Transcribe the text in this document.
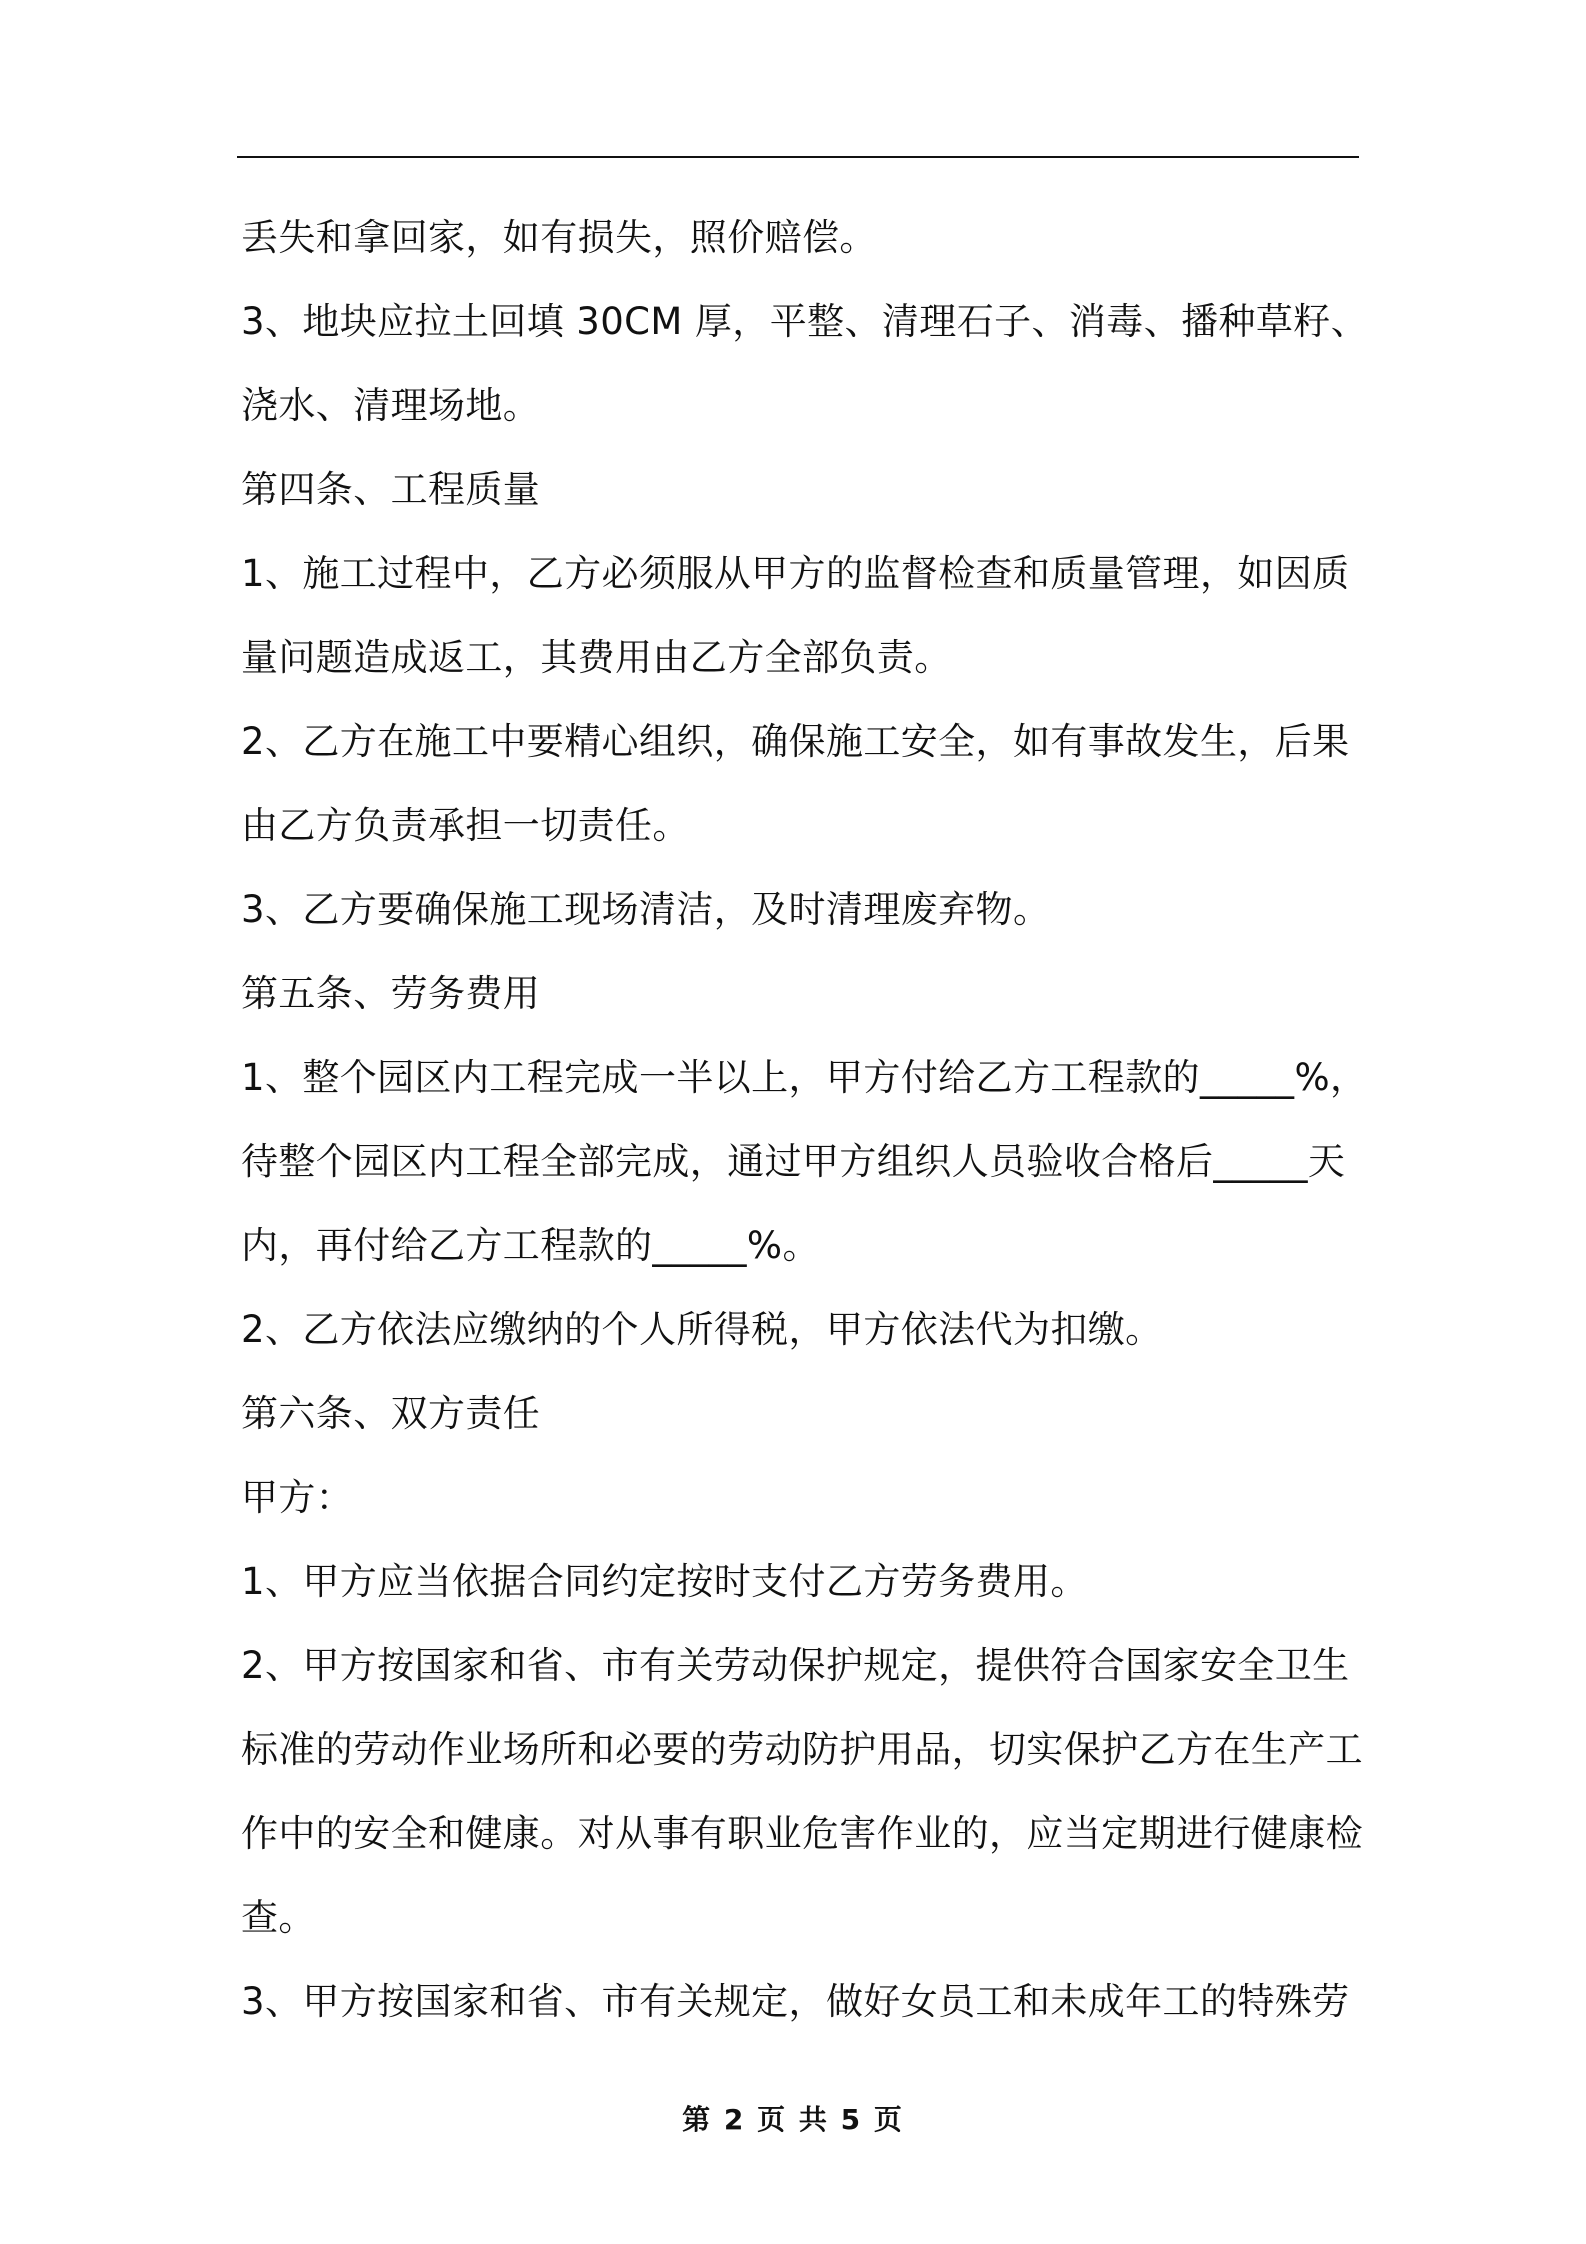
丢失和拿回家，如有损失，照价赔偿。
3、地块应拉土回填 30CM 厚，平整、清理石子、消毒、播种草籽、
浇水、清理场地。
第四条、工程质量
1、施工过程中，乙方必须服从甲方的监督检查和质量管理，如因质
量问题造成返工，其费用由乙方全部负责。
2、乙方在施工中要精心组织，确保施工安全，如有事故发生，后果
由乙方负责承担一切责任。
3、乙方要确保施工现场清洁，及时清理废弃物。
第五条、劳务费用
1、整个园区内工程完成一半以上，甲方付给乙方工程款的_____%，
待整个园区内工程全部完成，通过甲方组织人员验收合格后_____天
内，再付给乙方工程款的_____%。
2、乙方依法应缴纳的个人所得税，甲方依法代为扣缴。
第六条、双方责任
甲方：
1、甲方应当依据合同约定按时支付乙方劳务费用。
2、甲方按国家和省、市有关劳动保护规定，提供符合国家安全卫生
标准的劳动作业场所和必要的劳动防护用品，切实保护乙方在生产工
作中的安全和健康。对从事有职业危害作业的，应当定期进行健康检
查。
3、甲方按国家和省、市有关规定，做好女员工和未成年工的特殊劳
第 2 页 共 5 页
